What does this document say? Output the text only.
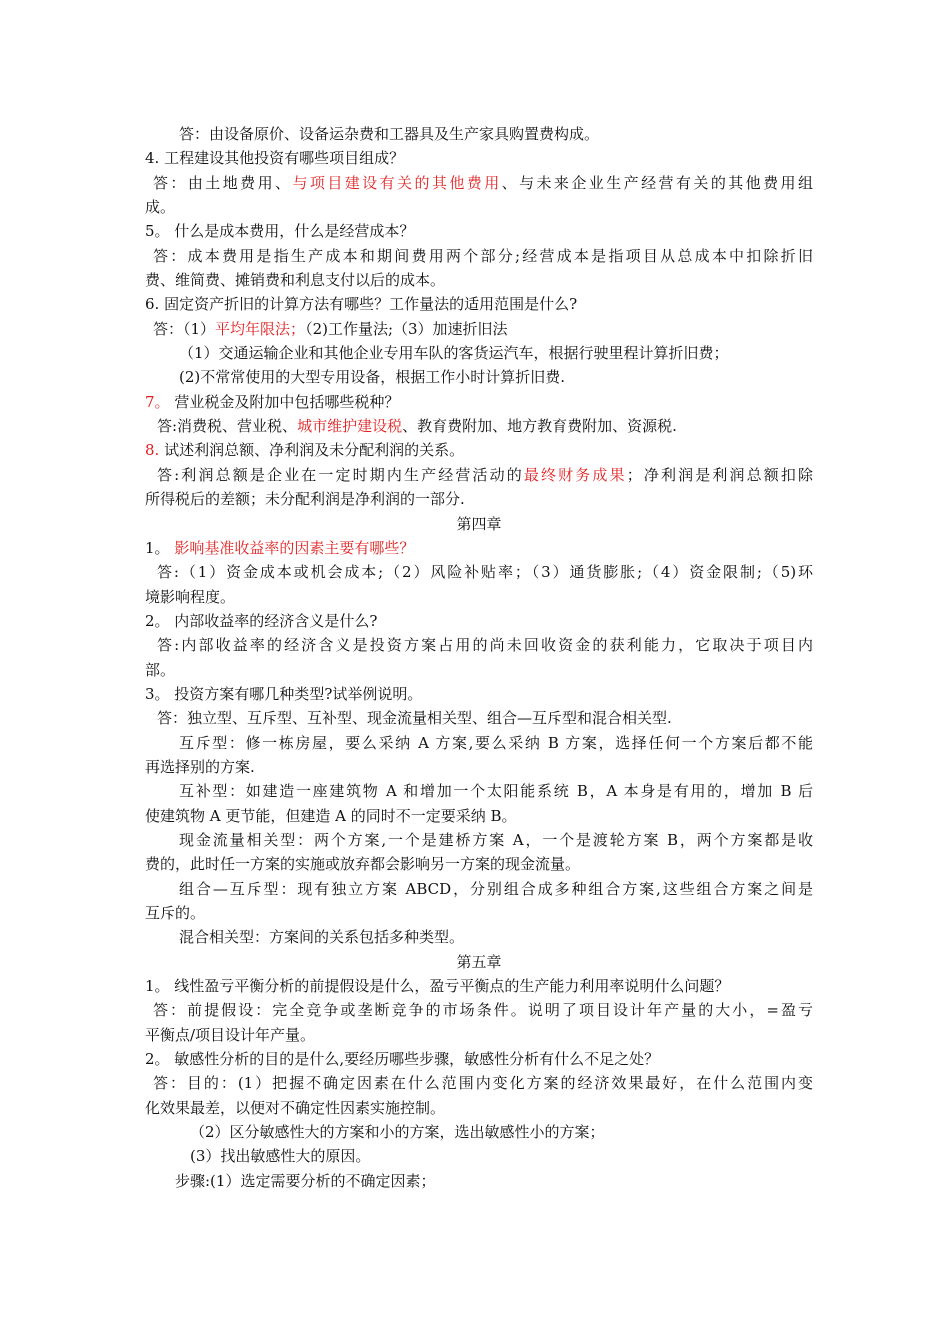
答：由设备原价、设备运杂费和工器具及生产家具购置费构成。
4. 工程建设其他投资有哪些项目组成？
答：由土地费用、与项目建设有关的其他费用、与未来企业生产经营有关的其他费用组
成。
5。 什么是成本费用，什么是经营成本？
答：成本费用是指生产成本和期间费用两个部分;经营成本是指项目从总成本中扣除折旧
费、维简费、摊销费和利息支付以后的成本。
6. 固定资产折旧的计算方法有哪些？工作量法的适用范围是什么?
答：（1）平均年限法；（2)工作量法;（3）加速折旧法
（1）交通运输企业和其他企业专用车队的客货运汽车，根据行驶里程计算折旧费；
(2)不常常使用的大型专用设备，根据工作小时计算折旧费.
7。 营业税金及附加中包括哪些税种？
答:消费税、营业税、城市维护建设税、教育费附加、地方教育费附加、资源税.
8. 试述利润总额、净利润及未分配利润的关系。
答:利润总额是企业在一定时期内生产经营活动的最终财务成果；净利润是利润总额扣除
所得税后的差额；未分配利润是净利润的一部分.
第四章
1。 影响基准收益率的因素主要有哪些？
答:（1）资金成本或机会成本;（2）风险补贴率；（3）通货膨胀;（4）资金限制;（5)环
境影响程度。
2。 内部收益率的经济含义是什么?
答:内部收益率的经济含义是投资方案占用的尚未回收资金的获利能力，它取决于项目内
部。
3。 投资方案有哪几种类型?试举例说明。
答：独立型、互斥型、互补型、现金流量相关型、组合—互斥型和混合相关型.
互斥型：修一栋房屋，要么采纳 A 方案,要么采纳 B 方案，选择任何一个方案后都不能
再选择别的方案.
互补型：如建造一座建筑物 A 和增加一个太阳能系统 B，A 本身是有用的，增加 B 后
使建筑物 A 更节能，但建造 A 的同时不一定要采纳 B。
现金流量相关型：两个方案,一个是建桥方案 A，一个是渡轮方案 B，两个方案都是收
费的，此时任一方案的实施或放弃都会影响另一方案的现金流量。
组合—互斥型：现有独立方案 ABCD，分别组合成多种组合方案,这些组合方案之间是
互斥的。
混合相关型：方案间的关系包括多种类型。
第五章
1。 线性盈亏平衡分析的前提假设是什么，盈亏平衡点的生产能力利用率说明什么问题？
答：前提假设：完全竞争或垄断竞争的市场条件。说明了项目设计年产量的大小，=盈亏
平衡点/项目设计年产量。
2。 敏感性分析的目的是什么,要经历哪些步骤，敏感性分析有什么不足之处？
答：目的：(1）把握不确定因素在什么范围内变化方案的经济效果最好，在什么范围内变
化效果最差，以便对不确定性因素实施控制。
（2）区分敏感性大的方案和小的方案，选出敏感性小的方案；
(3）找出敏感性大的原因。
步骤:(1）选定需要分析的不确定因素；
